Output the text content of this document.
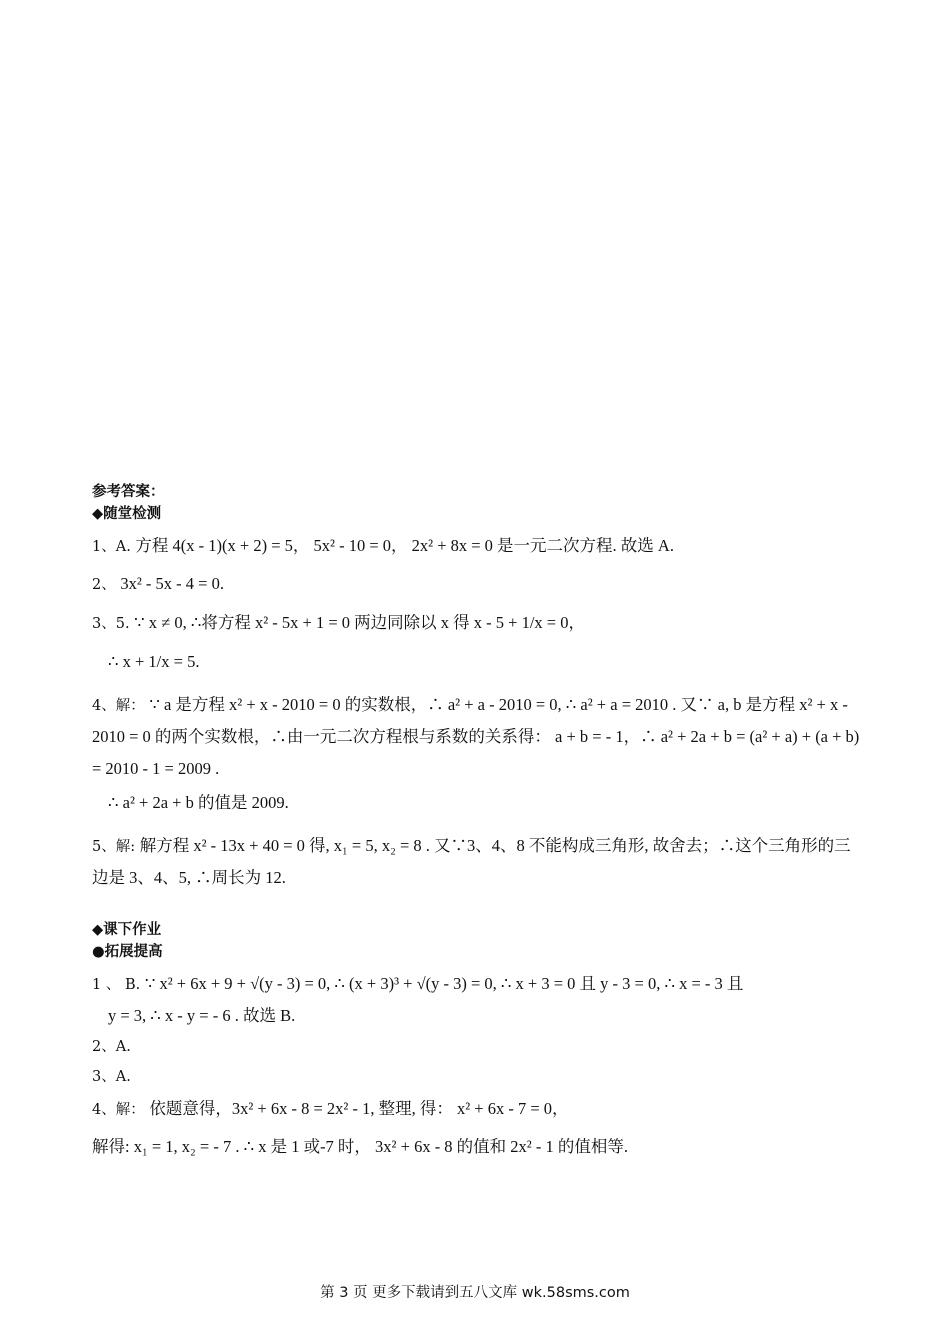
参考答案：

◆随堂检测

1、A. 方程 4(x - 1)(x + 2) = 5， 5x² - 10 = 0， 2x² + 8x = 0 是一元二次方程. 故选 A.

2、 3x² - 5x - 4 = 0.

3、5. ∵ x ≠ 0, ∴将方程 x² - 5x + 1 = 0 两边同除以 x 得 x - 5 + 1/x = 0，

∴ x + 1/x = 5.

4、解： ∵ a 是方程 x² + x - 2010 = 0 的实数根，∴ a² + a - 2010 = 0, ∴ a² + a = 2010 . 又∵ a, b 是方程 x² + x - 2010 = 0 的两个实数根，∴由一元二次方程根与系数的关系得： a + b = - 1，∴ a² + 2a + b = (a² + a) + (a + b) = 2010 - 1 = 2009 .

∴ a² + 2a + b 的值是 2009.

5、解: 解方程 x² - 13x + 40 = 0 得, x₁ = 5, x₂ = 8 . 又∵3、4、8 不能构成三角形, 故舍去；∴这个三角形的三边是 3、4、5, ∴周长为 12.

◆课下作业

●拓展提高

1 、 B. ∵ x² + 6x + 9 + √(y - 3) = 0, ∴ (x + 3)³ + √(y - 3) = 0, ∴ x + 3 = 0 且 y - 3 = 0, ∴ x = - 3 且

y = 3, ∴ x - y = - 6 . 故选 B.

2、A.

3、A.

4、解： 依题意得，3x² + 6x - 8 = 2x² - 1, 整理, 得： x² + 6x - 7 = 0，

解得: x₁ = 1, x₂ = - 7 . ∴ x 是 1 或-7 时， 3x² + 6x - 8 的值和 2x² - 1 的值相等.

第 3 页 更多下载请到五八文库 wk.58sms.com
